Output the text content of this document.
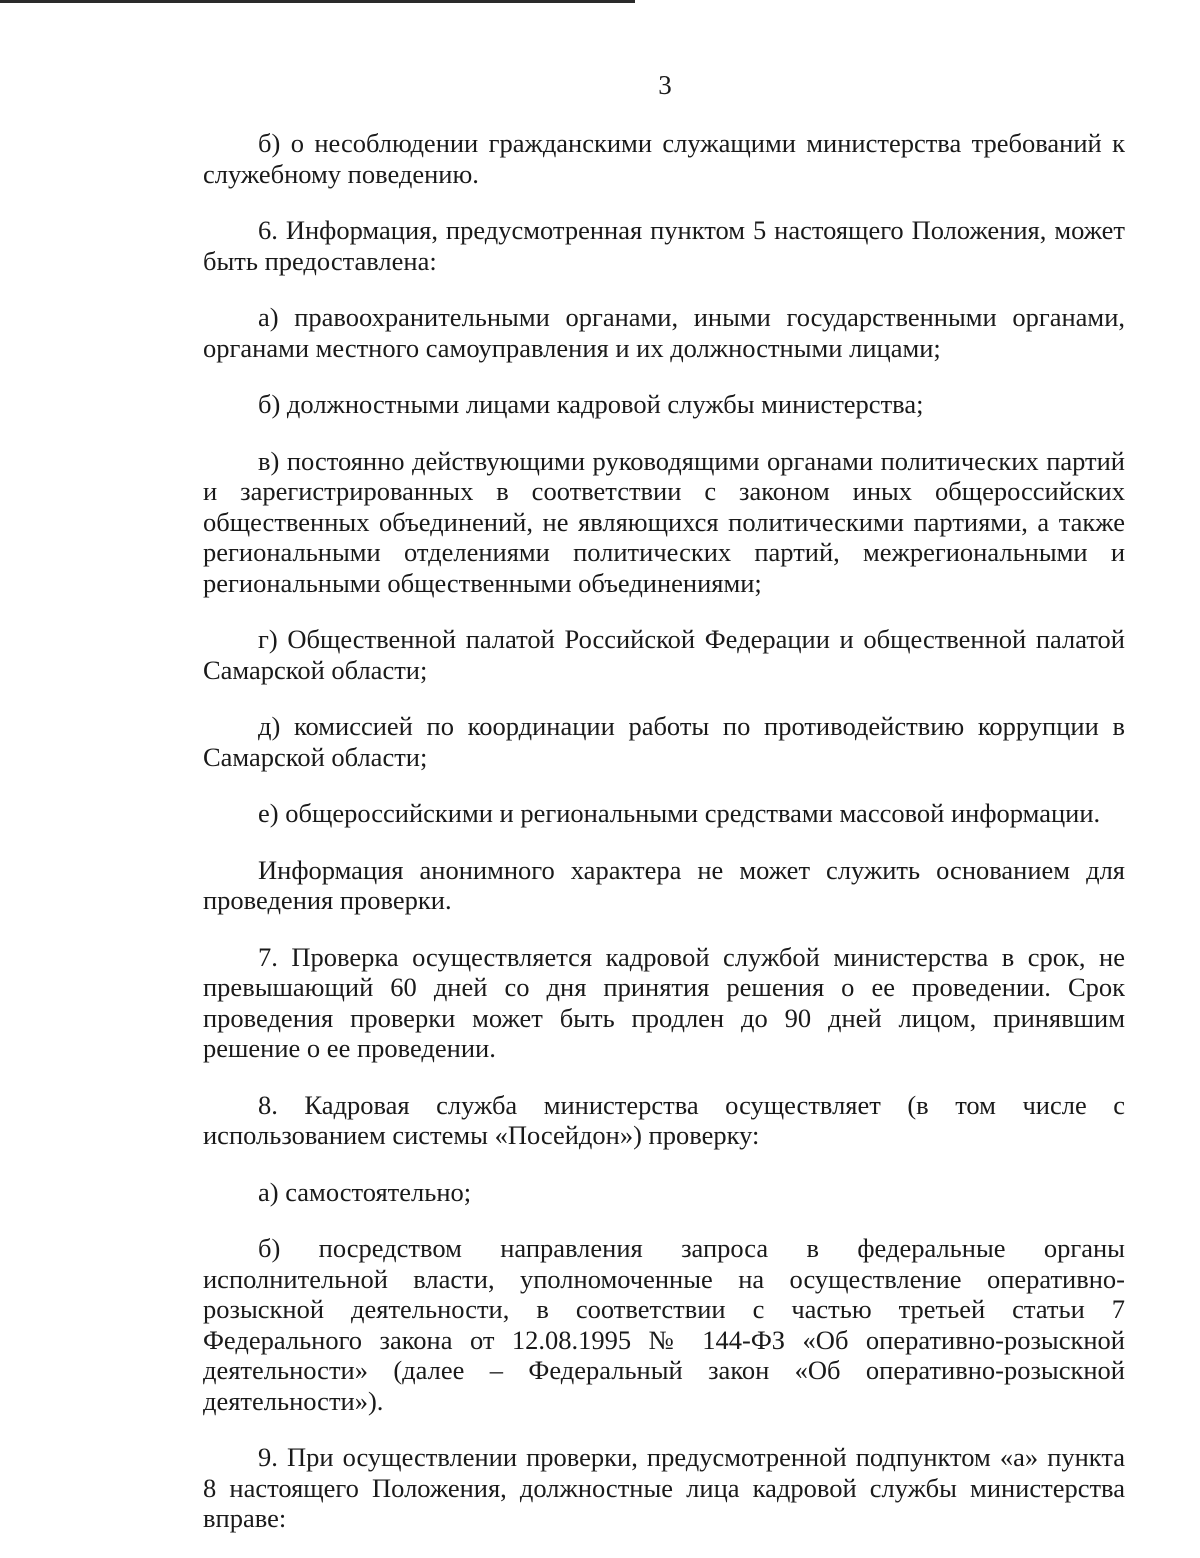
3

б) о несоблюдении гражданскими служащими министерства требований к служебному поведению.

6. Информация, предусмотренная пунктом 5 настоящего Положения, может быть предоставлена:

а) правоохранительными органами, иными государственными органами, органами местного самоуправления и их должностными лицами;

б) должностными лицами кадровой службы министерства;

в) постоянно действующими руководящими органами политических партий и зарегистрированных в соответствии с законом иных общероссийских общественных объединений, не являющихся политическими партиями, а также региональными отделениями политических партий, межрегиональными и региональными общественными объединениями;

г) Общественной палатой Российской Федерации и общественной палатой Самарской области;

д) комиссией по координации работы по противодействию коррупции в Самарской области;

е) общероссийскими и региональными средствами массовой информации.

Информация анонимного характера не может служить основанием для проведения проверки.

7. Проверка осуществляется кадровой службой министерства в срок, не превышающий 60 дней со дня принятия решения о ее проведении. Срок проведения проверки может быть продлен до 90 дней лицом, принявшим решение о ее проведении.

8. Кадровая служба министерства осуществляет (в том числе с использованием системы «Посейдон») проверку:

а) самостоятельно;

б) посредством направления запроса в федеральные органы исполнительной власти, уполномоченные на осуществление оперативно-розыскной деятельности, в соответствии с частью третьей статьи 7 Федерального закона от 12.08.1995 № 144-ФЗ «Об оперативно-розыскной деятельности» (далее – Федеральный закон «Об оперативно-розыскной деятельности»).

9. При осуществлении проверки, предусмотренной подпунктом «а» пункта 8 настоящего Положения, должностные лица кадровой службы министерства вправе:
